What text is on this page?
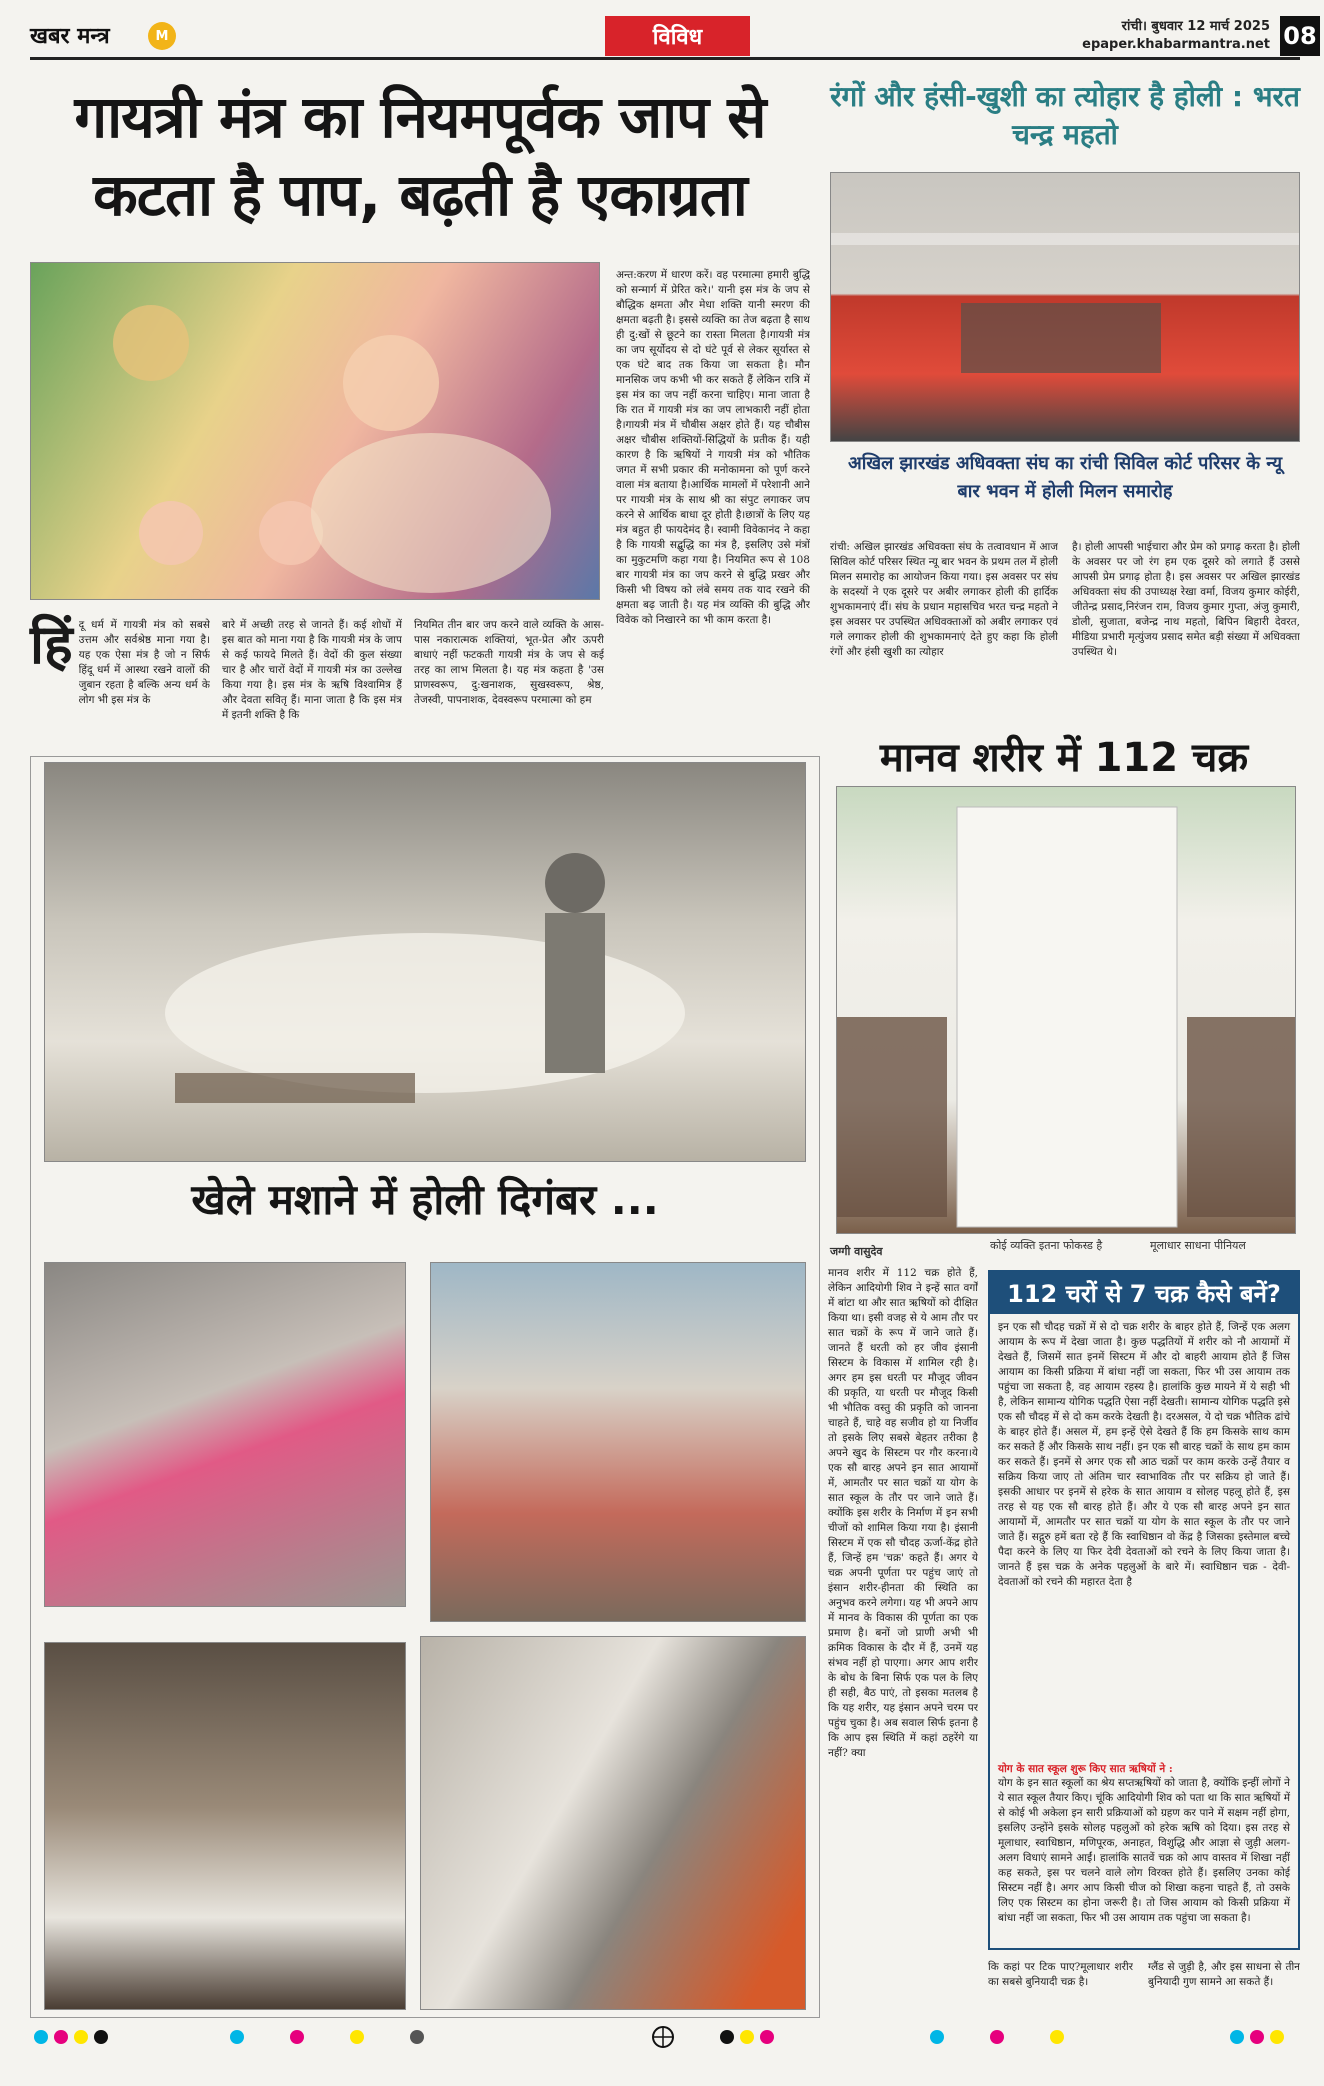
खबर मन्त्र	M	विविध	रांची। बुधवार 12 मार्च 2025
epaper.khabarmantra.net 08
गायत्री मंत्र का नियमपूर्वक जाप से कटता है पाप, बढ़ती है एकाग्रता
हिं दू धर्म में गायत्री मंत्र को सबसे उत्तम और सर्वश्रेष्ठ माना गया है। यह एक ऐसा मंत्र है जो न सिर्फ हिंदू धर्म में आस्था रखने वालों की जुबान रहता है बल्कि अन्य धर्म के लोग भी इस मंत्र के
बारे में अच्छी तरह से जानते हैं। कई शोधों में इस बात को माना गया है कि गायत्री मंत्र के जाप से कई फायदे मिलते हैं। वेदों की कुल संख्या चार है और चारों वेदों में गायत्री मंत्र का उल्लेख किया गया है। इस मंत्र के ऋषि विश्वामित्र हैं और देवता सवितृ हैं। माना जाता है कि इस मंत्र में इतनी शक्ति है कि
नियमित तीन बार जप करने वाले व्यक्ति के आस-पास नकारात्मक शक्तियां, भूत-प्रेत और ऊपरी बाधाएं नहीं फटकती गायत्री मंत्र के जप से कई तरह का लाभ मिलता है। यह मंत्र कहता है 'उस प्राणस्वरूप, दु:खनाशक, सुखस्वरूप, श्रेष्ठ, तेजस्वी, पापनाशक, देवस्वरूप परमात्मा को हम
अन्त:करण में धारण करें। वह परमात्मा हमारी बुद्धि को सन्मार्ग में प्रेरित करे।' यानी इस मंत्र के जप से बौद्धिक क्षमता और मेधा शक्ति यानी स्मरण की क्षमता बढ़ती है। इससे व्यक्ति का तेज बढ़ता है साथ ही दु:खों से छूटने का रास्ता मिलता है।गायत्री मंत्र का जप सूर्योदय से दो घंटे पूर्व से लेकर सूर्यास्त से एक घंटे बाद तक किया जा सकता है। मौन मानसिक जप कभी भी कर सकते हैं लेकिन रात्रि में इस मंत्र का जप नहीं करना चाहिए। माना जाता है कि रात में गायत्री मंत्र का जप लाभकारी नहीं होता है।गायत्री मंत्र में चौबीस अक्षर होते हैं। यह चौबीस अक्षर चौबीस शक्तियों-सिद्धियों के प्रतीक हैं। यही कारण है कि ऋषियों ने गायत्री मंत्र को भौतिक जगत में सभी प्रकार की मनोकामना को पूर्ण करने वाला मंत्र बताया है।आर्थिक मामलों में परेशानी आने पर गायत्री मंत्र के साथ श्री का संपुट लगाकर जप करने से आर्थिक बाधा दूर होती है।छात्रों के लिए यह मंत्र बहुत ही फायदेमंद है। स्वामी विवेकानंद ने कहा है कि गायत्री सद्बुद्धि का मंत्र है, इसलिए उसे मंत्रों का मुकुटमणि कहा गया है। नियमित रूप से 108 बार गायत्री मंत्र का जप करने से बुद्धि प्रखर और किसी भी विषय को लंबे समय तक याद रखने की क्षमता बढ़ जाती है। यह मंत्र व्यक्ति की बुद्धि और विवेक को निखारने का भी काम करता है।
रंगों और हंसी-खुशी का त्योहार है होली : भरत चन्द्र महतो
अखिल झारखंड अधिवक्ता संघ का रांची सिविल कोर्ट परिसर के न्यू बार भवन में होली मिलन समारोह
रांची: अखिल झारखंड अधिवक्ता संघ के तत्वावधान में आज सिविल कोर्ट परिसर स्थित न्यू बार भवन के प्रथम तल में होली मिलन समारोह का आयोजन किया गया। इस अवसर पर संघ के सदस्यों ने एक दूसरे पर अबीर लगाकर होली की हार्दिक शुभकामनाएं दीं। संघ के प्रधान महासचिव भरत चन्द्र महतो ने इस अवसर पर उपस्थित अधिवक्ताओं को अबीर लगाकर एवं गले लगाकर होली की शुभकामनाएं देते हुए कहा कि होली रंगों और हंसी खुशी का त्योहार
है। होली आपसी भाईचारा और प्रेम को प्रगाढ़ करता है। होली के अवसर पर जो रंग हम एक दूसरे को लगाते हैं उससे आपसी प्रेम प्रगाढ़ होता है। इस अवसर पर अखिल झारखंड अधिवक्ता संघ की उपाध्यक्ष रेखा वर्मा, विजय कुमार कोईरी, जीतेन्द्र प्रसाद,निरंजन राम, विजय कुमार गुप्ता, अंजु कुमारी, डोली, सुजाता, बजेन्द्र नाथ महतो, बिपिन बिहारी देवरत, मीडिया प्रभारी मृत्युंजय प्रसाद समेत बड़ी संख्या में अधिवक्ता उपस्थित थे।
खेले मशाने में होली दिगंबर ...
मानव शरीर में 112 चक्र
कोई व्यक्ति इतना फोकस्ड है	मूलाधार साधना पीनियल
जग्गी वासुदेव
मानव शरीर में 112 चक्र होते हैं, लेकिन आदियोगी शिव ने इन्हें सात वर्गों में बांटा था और सात ऋषियों को दीक्षित किया था। इसी वजह से ये आम तौर पर सात चक्रों के रूप में जाने जाते हैं। जानते हैं धरती को हर जीव इंसानी सिस्टम के विकास में शामिल रही है।अगर हम इस धरती पर मौजूद जीवन की प्रकृति, या धरती पर मौजूद किसी भी भौतिक वस्तु की प्रकृति को जानना चाहते हैं, चाहे वह सजीव हो या निर्जीव तो इसके लिए सबसे बेहतर तरीका है अपने खुद के सिस्टम पर गौर करना।ये एक सौ बारह अपने इन सात आयामों में, आमतौर पर सात चक्रों या योग के सात स्कूल के तौर पर जाने जाते हैं। क्योंकि इस शरीर के निर्माण में इन सभी चीजों को शामिल किया गया है। इंसानी सिस्टम में एक सौ चौदह ऊर्जा-केंद्र होते हैं, जिन्हें हम 'चक्र' कहते हैं। अगर ये चक्र अपनी पूर्णता पर पहुंच जाएं तो इंसान शरीर-हीनता की स्थिति का अनुभव करने लगेगा। यह भी अपने आप में मानव के विकास की पूर्णता का एक प्रमाण है। बनों जो प्राणी अभी भी क्रमिक विकास के दौर में हैं, उनमें यह संभव नहीं हो पाएगा। अगर आप शरीर के बोध के बिना सिर्फ एक पल के लिए ही सही, बैठ पाएं, तो इसका मतलब है कि यह शरीर, यह इंसान अपने चरम पर पहुंच चुका है। अब सवाल सिर्फ इतना है कि आप इस स्थिति में कहां ठहरेंगे या नहीं? क्या
112 चरों से 7 चक्र कैसे बनें?
इन एक सौ चौदह चक्रों में से दो चक्र शरीर के बाहर होते हैं, जिन्हें एक अलग आयाम के रूप में देखा जाता है। कुछ पद्धतियों में शरीर को नौ आयामों में देखते हैं, जिसमें सात इनमें सिस्टम में और दो बाहरी आयाम होते हैं जिस आयाम का किसी प्रक्रिया में बांधा नहीं जा सकता, फिर भी उस आयाम तक पहुंचा जा सकता है, वह आयाम रहस्य है। हालांकि कुछ मायने में ये सही भी है, लेकिन सामान्य योगिक पद्धति ऐसा नहीं देखती। सामान्य योगिक पद्धति इसे एक सौ चौदह में से दो कम करके देखती है। दरअसल, ये दो चक्र भौतिक ढांचे के बाहर होते हैं। असल में, हम इन्हें ऐसे देखते हैं कि हम किसके साथ काम कर सकते हैं और किसके साथ नहीं। इन एक सौ बारह चक्रों के साथ हम काम कर सकते हैं। इनमें से अगर एक सौ आठ चक्रों पर काम करके उन्हें तैयार व सक्रिय किया जाए तो अंतिम चार स्वाभाविक तौर पर सक्रिय हो जाते हैं। इसकी आधार पर इनमें से हरेक के सात आयाम व सोलह पहलू होते हैं, इस तरह से यह एक सौ बारह होते हैं। और ये एक सौ बारह अपने इन सात आयामों में, आमतौर पर सात चक्रों या योग के सात स्कूल के तौर पर जाने जाते हैं। सद्गुरु हमें बता रहे हैं कि स्वाधिष्ठान वो केंद्र है जिसका इस्तेमाल बच्चे पैदा करने के लिए या फिर देवी देवताओं को रचने के लिए किया जाता है। जानते हैं इस चक्र के अनेक पहलुओं के बारे में। स्वाधिष्ठान चक्र - देवी-देवताओं को रचने की महारत देता है
योग के सात स्कूल शुरू किए सात ऋषियों ने :
योग के इन सात स्कूलों का श्रेय सप्तऋषियों को जाता है, क्योंकि इन्हीं लोगों ने ये सात स्कूल तैयार किए। चूंकि आदियोगी शिव को पता था कि सात ऋषियों में से कोई भी अकेला इन सारी प्रक्रियाओं को ग्रहण कर पाने में सक्षम नहीं होगा, इसलिए उन्होंने इसके सोलह पहलुओं को हरेक ऋषि को दिया। इस तरह से मूलाधार, स्वाधिष्ठान, मणिपूरक, अनाहत, विशुद्धि और आज्ञा से जुड़ी अलग-अलग विधाएं सामने आईं। हालांकि सातवें चक्र को आप वास्तव में शिखा नहीं कह सकते, इस पर चलने वाले लोग विरक्त होते हैं। इसलिए उनका कोई सिस्टम नहीं है। अगर आप किसी चीज को शिखा कहना चाहते हैं, तो उसके लिए एक सिस्टम का होना जरूरी है। तो जिस आयाम को किसी प्रक्रिया में बांधा नहीं जा सकता, फिर भी उस आयाम तक पहुंचा जा सकता है।
कि कहां पर टिक पाए?मूलाधार शरीर का सबसे बुनियादी चक्र है।
ग्लैंड से जुड़ी है, और इस साधना से तीन बुनियादी गुण सामने आ सकते हैं।
